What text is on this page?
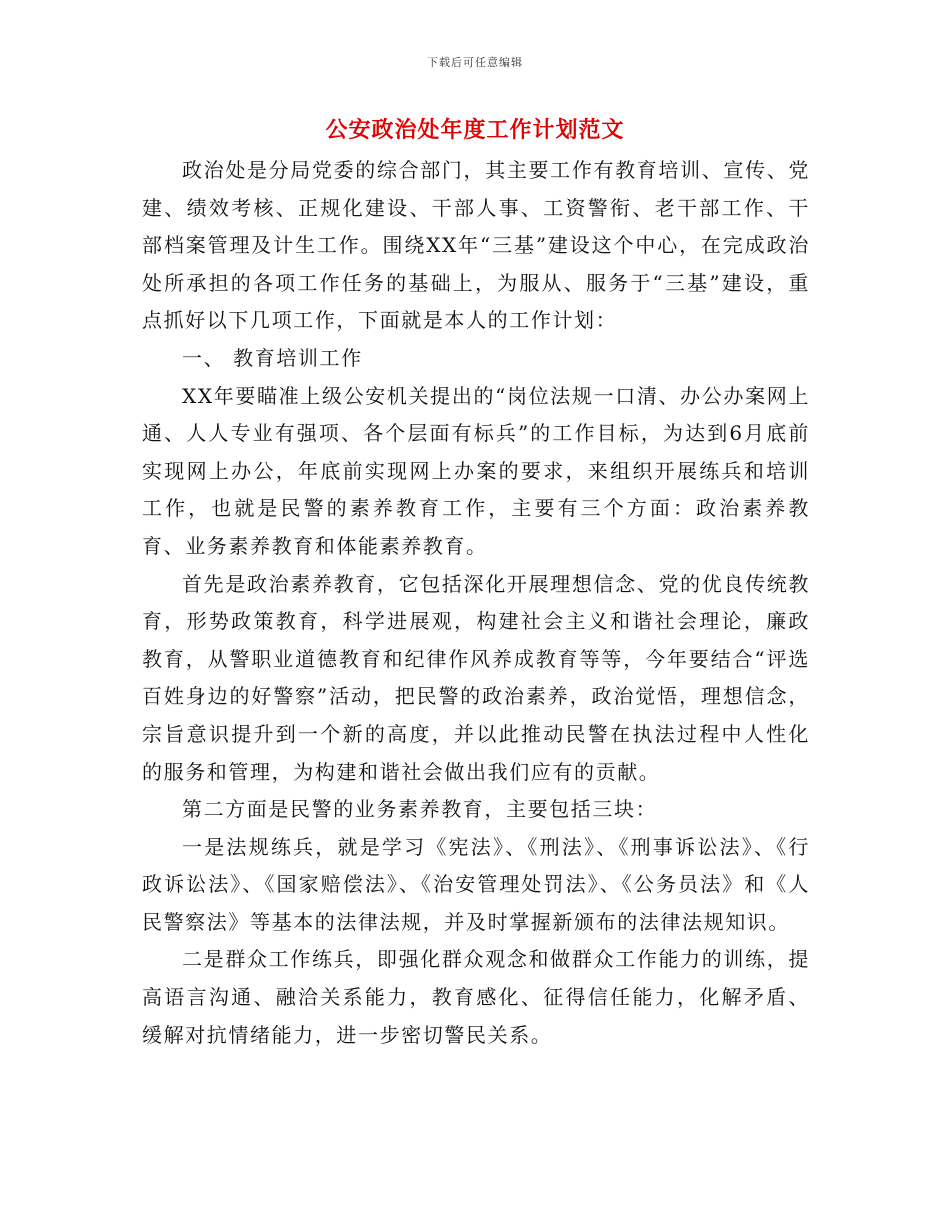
下载后可任意编辑
公安政治处年度工作计划范文

政治处是分局党委的综合部门，其主要工作有教育培训、宣传、党建、绩效考核、正规化建设、干部人事、工资警衔、老干部工作、干部档案管理及计生工作。围绕XX年“三基”建设这个中心，在完成政治处所承担的各项工作任务的基础上，为服从、服务于“三基”建设，重点抓好以下几项工作，下面就是本人的工作计划：

一、 教育培训工作

XX年要瞄准上级公安机关提出的“岗位法规一口清、办公办案网上通、人人专业有强项、各个层面有标兵”的工作目标，为达到6月底前实现网上办公，年底前实现网上办案的要求，来组织开展练兵和培训工作，也就是民警的素养教育工作，主要有三个方面：政治素养教育、业务素养教育和体能素养教育。

首先是政治素养教育，它包括深化开展理想信念、党的优良传统教育，形势政策教育，科学进展观，构建社会主义和谐社会理论，廉政教育，从警职业道德教育和纪律作风养成教育等等，今年要结合“评选百姓身边的好警察”活动，把民警的政治素养，政治觉悟，理想信念，宗旨意识提升到一个新的高度，并以此推动民警在执法过程中人性化的服务和管理，为构建和谐社会做出我们应有的贡献。

第二方面是民警的业务素养教育，主要包括三块：

一是法规练兵，就是学习《宪法》、《刑法》、《刑事诉讼法》、《行政诉讼法》、《国家赔偿法》、《治安管理处罚法》、《公务员法》和《人民警察法》等基本的法律法规，并及时掌握新颁布的法律法规知识。

二是群众工作练兵，即强化群众观念和做群众工作能力的训练，提高语言沟通、融洽关系能力，教育感化、征得信任能力，化解矛盾、缓解对抗情绪能力，进一步密切警民关系。
